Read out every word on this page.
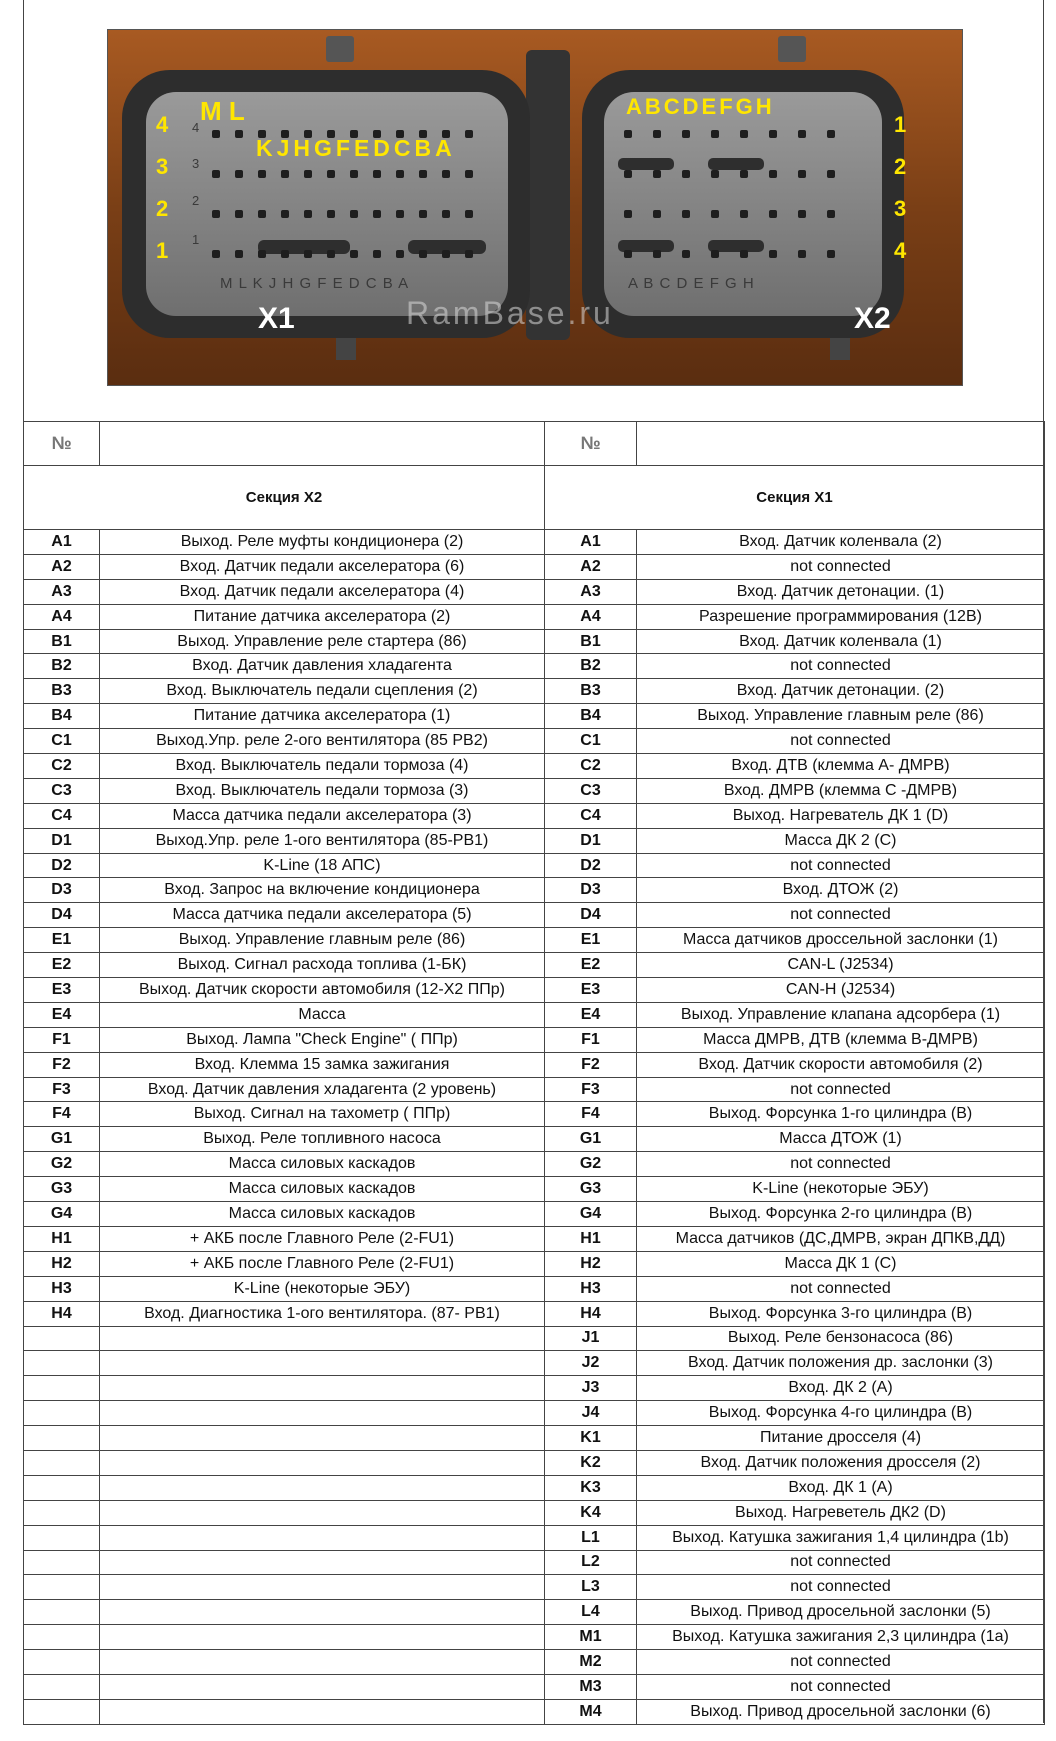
M L
KJHGFEDCBA
M L K J H G F E D C B A
4
3
2
1
4
3
2
1
ABCDEFGH
A B C D E F G H
1
2
3
4
RamBase.ru
X1	X2
№		№	
Секция X2		Секция X1	
A1	Выход. Реле муфты кондиционера (2)	A1	Вход. Датчик коленвала (2)
A2	Вход. Датчик педали акселератора (6)	A2	not connected
A3	Вход. Датчик педали акселератора (4)	A3	Вход. Датчик детонации. (1)
A4	Питание датчика акселератора (2)	A4	Разрешение программирования (12В)
B1	Выход. Управление реле стартера (86)	B1	Вход. Датчик коленвала (1)
B2	Вход. Датчик давления хладагента	B2	not connected
B3	Вход. Выключатель педали сцепления (2)	B3	Вход. Датчик детонации. (2)
B4	Питание датчика акселератора (1)	B4	Выход. Управление главным реле (86)
C1	Выход.Упр. реле 2-ого вентилятора (85 РВ2)	C1	not connected
C2	Вход. Выключатель педали тормоза (4)	C2	Вход. ДТВ (клемма А- ДМРВ)
C3	Вход. Выключатель педали тормоза (3)	C3	Вход. ДМРВ (клемма С -ДМРВ)
C4	Масса датчика педали акселератора (3)	C4	Выход. Нагреватель ДК 1 (D)
D1	Выход.Упр. реле 1-ого вентилятора (85-РВ1)	D1	Масса ДК 2 (С)
D2	K-Line (18 АПС)	D2	not connected
D3	Вход. Запрос на включение кондиционера	D3	Вход. ДТОЖ (2)
D4	Масса датчика педали акселератора (5)	D4	not connected
E1	Выход. Управление главным реле (86)	E1	Масса датчиков дроссельной заслонки (1)
E2	Выход. Сигнал расхода топлива (1-БК)	E2	CAN-L (J2534)
E3	Выход. Датчик скорости автомобиля (12-X2 ППр)	E3	CAN-H (J2534)
E4	Масса	E4	Выход. Управление клапана адсорбера (1)
F1	Выход. Лампа "Check Engine" ( ППр)	F1	Масса ДМРВ, ДТВ (клемма В-ДМРВ)
F2	Вход. Клемма 15 замка зажигания	F2	Вход. Датчик скорости автомобиля (2)
F3	Вход. Датчик давления хладагента (2 уровень)	F3	not connected
F4	Выход. Сигнал на тахометр ( ППр)	F4	Выход. Форсунка 1-го цилиндра (В)
G1	Выход. Реле топливного насоса	G1	Масса ДТОЖ (1)
G2	Масса силовых каскадов	G2	not connected
G3	Масса силовых каскадов	G3	K-Line (некоторые ЭБУ)
G4	Масса силовых каскадов	G4	Выход. Форсунка 2-го цилиндра (В)
H1	+ АКБ после Главного Реле (2-FU1)	H1	Масса датчиков (ДС,ДМРВ, экран ДПКВ,ДД)
H2	+ АКБ после Главного Реле (2-FU1)	H2	Масса ДК 1 (С)
H3	K-Line (некоторые ЭБУ)	H3	not connected
H4	Вход. Диагностика 1-ого вентилятора. (87- РВ1)	H4	Выход. Форсунка 3-го цилиндра (В)
		J1	Выход. Реле бензонасоса (86)
		J2	Вход. Датчик положения др. заслонки (3)
		J3	Вход. ДК 2 (А)
		J4	Выход. Форсунка 4-го цилиндра (В)
		K1	Питание дросселя (4)
		K2	Вход. Датчик положения дросселя (2)
		K3	Вход. ДК 1 (А)
		K4	Выход. Нагреветель ДК2 (D)
		L1	Выход. Катушка зажигания 1,4 цилиндра (1b)
		L2	not connected
		L3	not connected
		L4	Выход. Привод дросельной заслонки (5)
		M1	Выход. Катушка зажигания 2,3 цилиндра (1a)
		M2	not connected
		M3	not connected
		M4	Выход. Привод дросельной заслонки (6)
